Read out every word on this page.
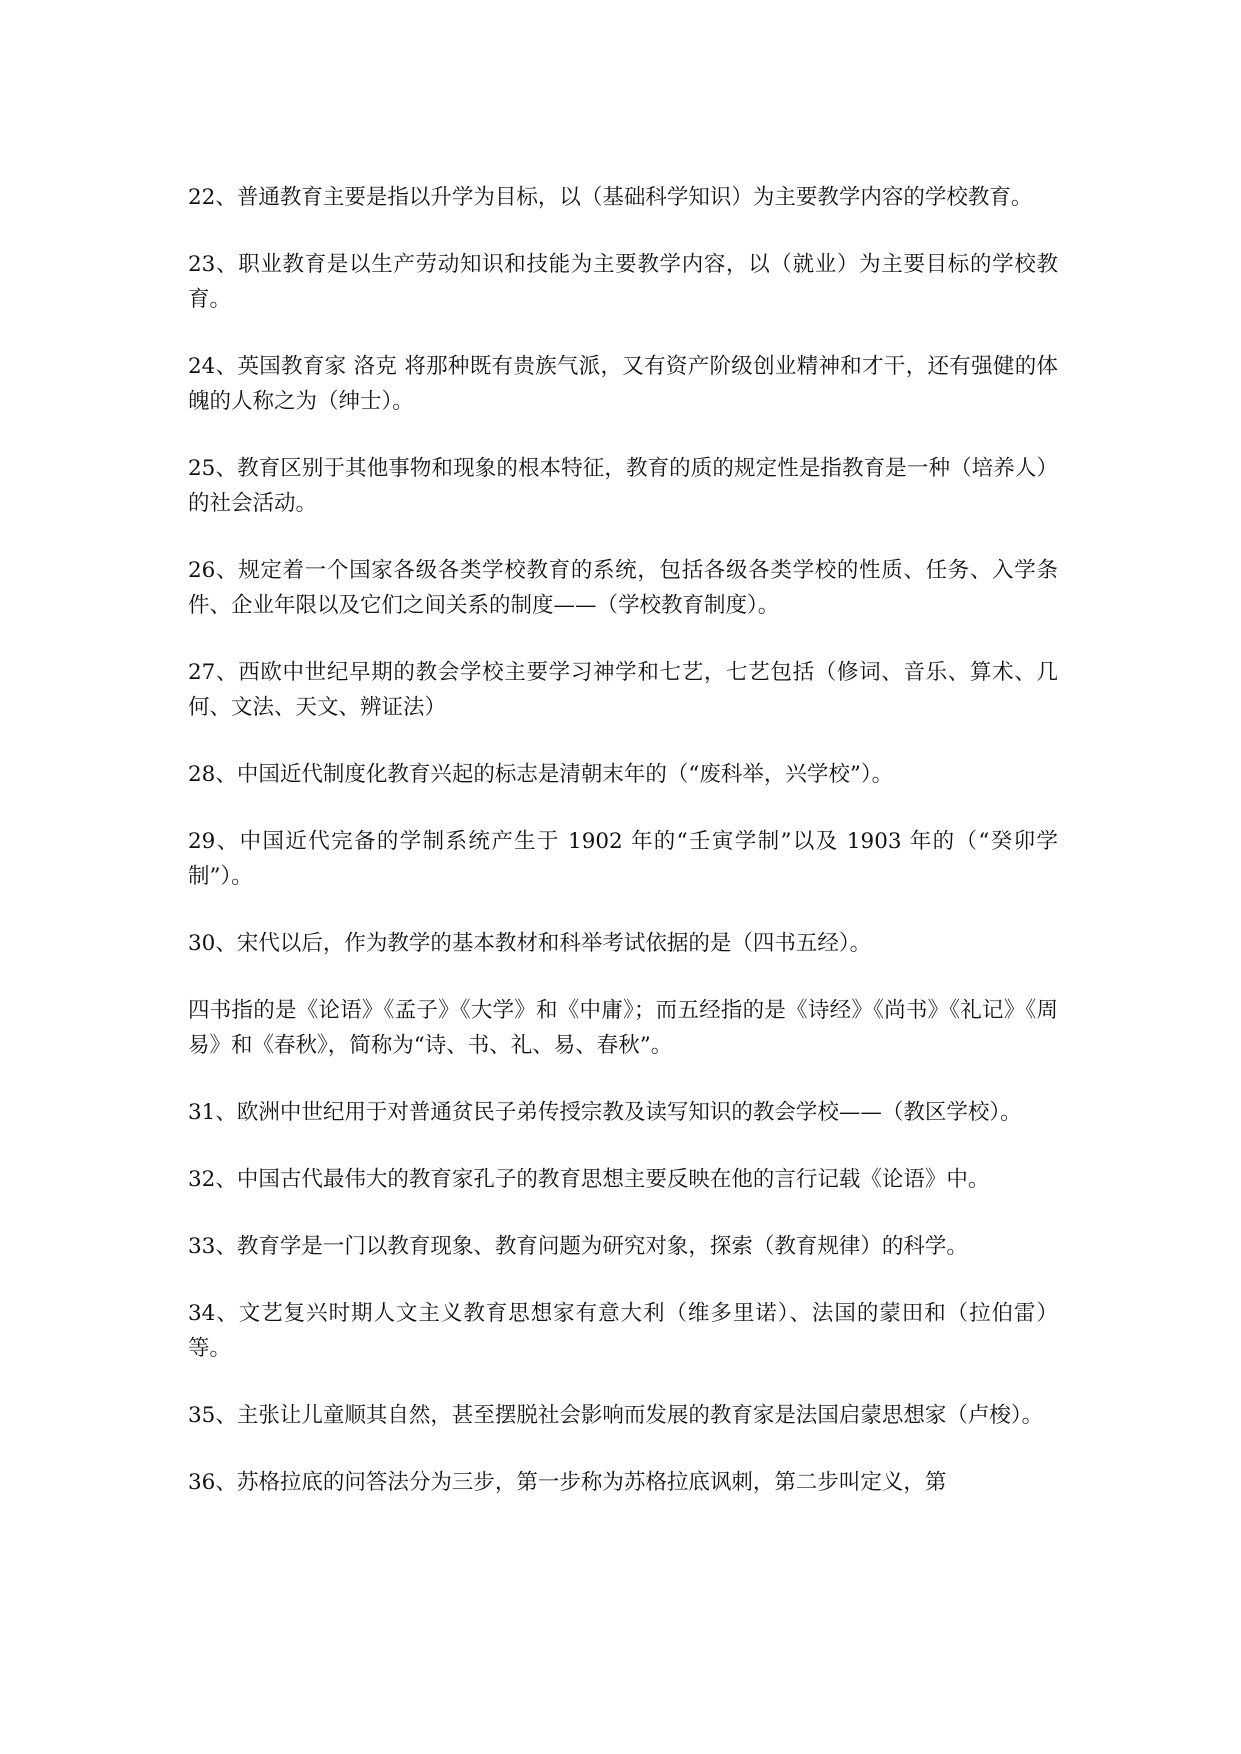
22、普通教育主要是指以升学为目标，以（基础科学知识）为主要教学内容的学校教育。

23、职业教育是以生产劳动知识和技能为主要教学内容，以（就业）为主要目标的学校教育。

24、英国教育家 洛克 将那种既有贵族气派，又有资产阶级创业精神和才干，还有强健的体魄的人称之为（绅士）。

25、教育区别于其他事物和现象的根本特征，教育的质的规定性是指教育是一种（培养人）的社会活动。

26、规定着一个国家各级各类学校教育的系统，包括各级各类学校的性质、任务、入学条件、企业年限以及它们之间关系的制度——（学校教育制度）。

27、西欧中世纪早期的教会学校主要学习神学和七艺，七艺包括（修词、音乐、算术、几何、文法、天文、辨证法）

28、中国近代制度化教育兴起的标志是清朝末年的（“废科举，兴学校”）。

29、中国近代完备的学制系统产生于 1902 年的“壬寅学制”以及 1903 年的（“癸卯学制”）。

30、宋代以后，作为教学的基本教材和科举考试依据的是（四书五经）。

四书指的是《论语》《孟子》《大学》和《中庸》；而五经指的是《诗经》《尚书》《礼记》《周易》和《春秋》，简称为“诗、书、礼、易、春秋”。

31、欧洲中世纪用于对普通贫民子弟传授宗教及读写知识的教会学校——（教区学校）。

32、中国古代最伟大的教育家孔子的教育思想主要反映在他的言行记载《论语》中。

33、教育学是一门以教育现象、教育问题为研究对象，探索（教育规律）的科学。

34、文艺复兴时期人文主义教育思想家有意大利（维多里诺）、法国的蒙田和（拉伯雷）等。

35、主张让儿童顺其自然，甚至摆脱社会影响而发展的教育家是法国启蒙思想家（卢梭）。

36、苏格拉底的问答法分为三步，第一步称为苏格拉底讽刺，第二步叫定义，第
